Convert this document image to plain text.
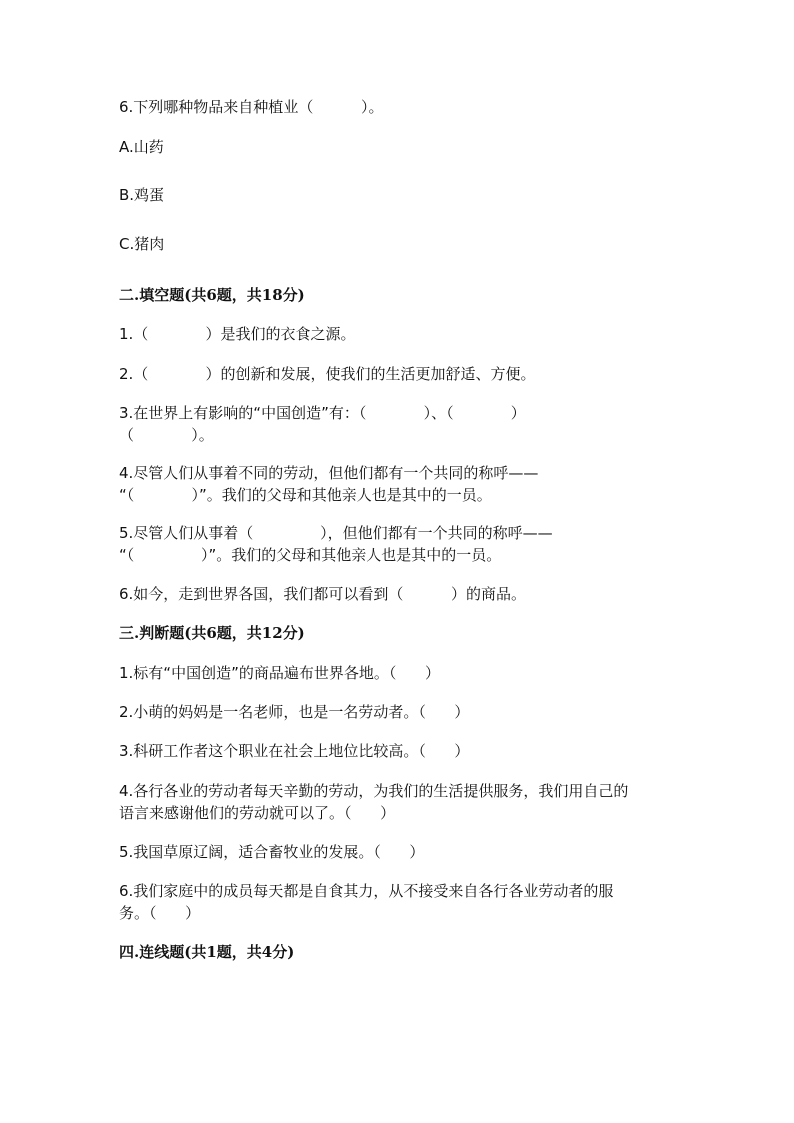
6.下列哪种物品来自种植业（          ）。
A.山药
B.鸡蛋
C.猪肉
二.填空题(共6题，共18分)
1.（            ）是我们的衣食之源。
2.（            ）的创新和发展，使我们的生活更加舒适、方便。
3.在世界上有影响的“中国创造”有：（            ）、（            ）
（            ）。
4.尽管人们从事着不同的劳动，但他们都有一个共同的称呼——
“（            ）”。我们的父母和其他亲人也是其中的一员。
5.尽管人们从事着（              ），但他们都有一个共同的称呼——
“（              ）”。我们的父母和其他亲人也是其中的一员。
6.如今，走到世界各国，我们都可以看到（          ）的商品。
三.判断题(共6题，共12分)
1.标有“中国创造”的商品遍布世界各地。（      ）
2.小萌的妈妈是一名老师，也是一名劳动者。（      ）
3.科研工作者这个职业在社会上地位比较高。（      ）
4.各行各业的劳动者每天辛勤的劳动，为我们的生活提供服务，我们用自己的
语言来感谢他们的劳动就可以了。（      ）
5.我国草原辽阔，适合畜牧业的发展。（      ）
6.我们家庭中的成员每天都是自食其力，从不接受来自各行各业劳动者的服
务。（      ）
四.连线题(共1题，共4分)
